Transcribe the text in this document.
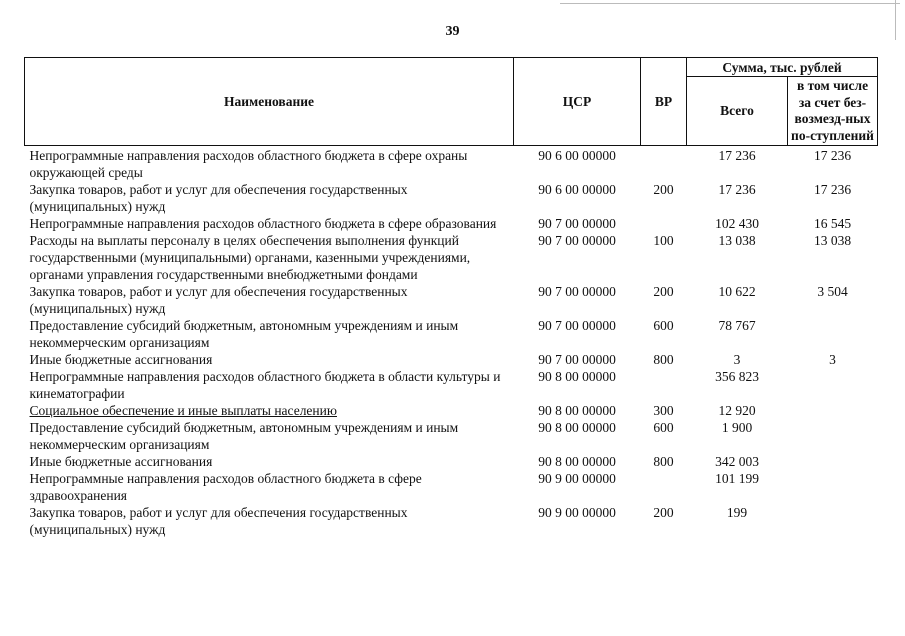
39
Наименование	ЦСР	ВР	Сумма, тыс. рублей	
			Всего	в том числе за счет без-возмезд-ных по-ступлений
Непрограммные направления расходов областного бюджета в сфере охраны окружающей среды	90 6 00 00000		17 236	17 236
Закупка товаров, работ и услуг для обеспечения государственных (муниципальных) нужд	90 6 00 00000	200	17 236	17 236
Непрограммные направления расходов областного бюджета в сфере образования	90 7 00 00000		102 430	16 545
Расходы на выплаты персоналу в целях обеспечения выполнения функций государственными (муниципальными) органами, казенными учреждениями, органами управления государственными внебюджетными фондами	90 7 00 00000	100	13 038	13 038
Закупка товаров, работ и услуг для обеспечения государственных (муниципальных) нужд	90 7 00 00000	200	10 622	3 504
Предоставление субсидий бюджетным, автономным учреждениям и иным некоммерческим организациям	90 7 00 00000	600	78 767	
Иные бюджетные ассигнования	90 7 00 00000	800	3	3
Непрограммные направления расходов областного бюджета в области культуры и кинематографии	90 8 00 00000		356 823	
Социальное обеспечение и иные выплаты населению	90 8 00 00000	300	12 920	
Предоставление субсидий бюджетным, автономным учреждениям и иным некоммерческим организациям	90 8 00 00000	600	1 900	
Иные бюджетные ассигнования	90 8 00 00000	800	342 003	
Непрограммные направления расходов областного бюджета в сфере здравоохранения	90 9 00 00000		101 199	
Закупка товаров, работ и услуг для обеспечения государственных (муниципальных) нужд	90 9 00 00000	200	199	
